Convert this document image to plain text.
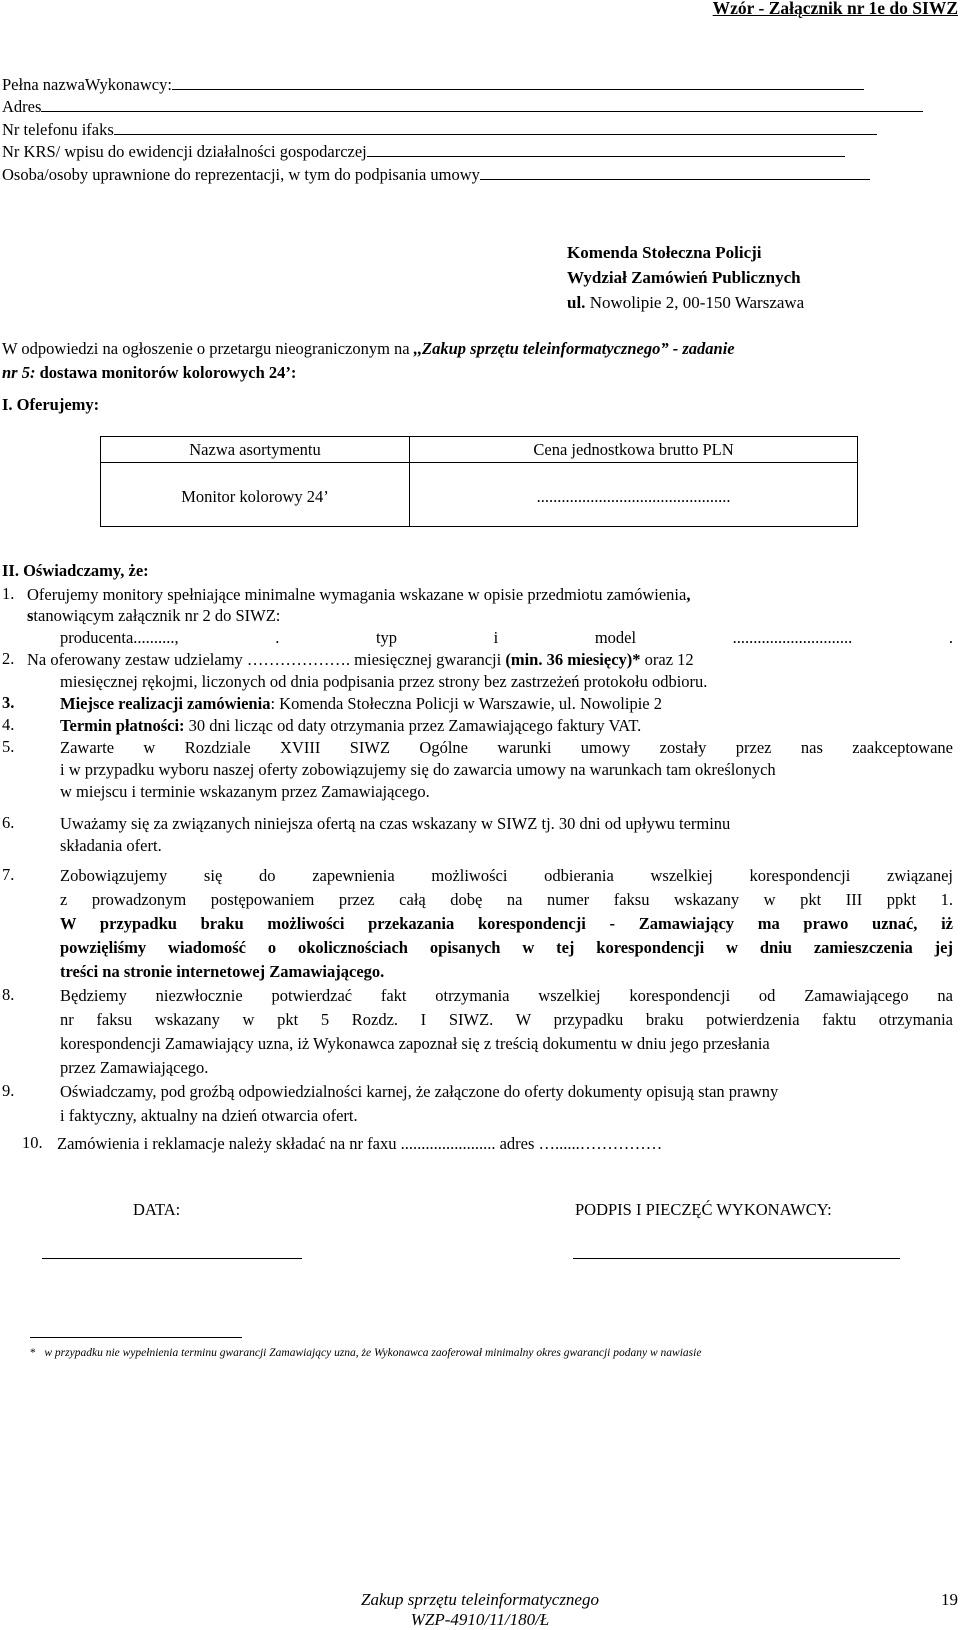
Wzór - Załącznik nr 1e do SIWZ
Pełna nazwaWykonawcy:
Adres
Nr telefonu ifaks
Nr KRS/ wpisu do ewidencji działalności gospodarczej
Osoba/osoby uprawnione do reprezentacji, w tym do podpisania umowy
Komenda Stołeczna Policji
Wydział Zamówień Publicznych
ul. Nowolipie 2, 00-150 Warszawa
W odpowiedzi na ogłoszenie o przetargu nieograniczonym na ,,Zakup sprzętu teleinformatycznego” - zadanie
nr 5: dostawa monitorów kolorowych 24’:
I. Oferujemy:
Nazwa asortymentu	Cena jednostkowa brutto PLN
Monitor kolorowy 24’	...............................................
II. Oświadczamy, że:
1. Oferujemy monitory spełniające minimalne wymagania wskazane w opisie przedmiotu zamówienia,
stanowiącym załącznik nr 2 do SIWZ:
producenta.........., . typ i model ............................. .
2. Na oferowany zestaw udzielamy ………………. miesięcznej gwarancji (min. 36 miesięcy)* oraz 12
miesięcznej rękojmi, liczonych od dnia podpisania przez strony bez zastrzeżeń protokołu odbioru.
3.	Miejsce realizacji zamówienia: Komenda Stołeczna Policji w Warszawie, ul. Nowolipie 2
4.	Termin płatności: 30 dni licząc od daty otrzymania przez Zamawiającego faktury VAT.
5.	Zawarte w Rozdziale XVIII SIWZ Ogólne warunki umowy zostały przez nas zaakceptowane
i w przypadku wyboru naszej oferty zobowiązujemy się do zawarcia umowy na warunkach tam określonych
w miejscu i terminie wskazanym przez Zamawiającego.
6.	Uważamy się za związanych niniejsza ofertą na czas wskazany w SIWZ tj. 30 dni od upływu terminu
składania ofert.
7.	Zobowiązujemy się do zapewnienia możliwości odbierania wszelkiej korespondencji związanej
z prowadzonym postępowaniem przez całą dobę na numer faksu wskazany w pkt III ppkt 1.
W przypadku braku możliwości przekazania korespondencji - Zamawiający ma prawo uznać, iż
powzięliśmy wiadomość o okolicznościach opisanych w tej korespondencji w dniu zamieszczenia jej
treści na stronie internetowej Zamawiającego.
8.	Będziemy niezwłocznie potwierdzać fakt otrzymania wszelkiej korespondencji od Zamawiającego na
nr faksu wskazany w pkt 5 Rozdz. I SIWZ. W przypadku braku potwierdzenia faktu otrzymania
korespondencji Zamawiający uzna, iż Wykonawca zapoznał się z treścią dokumentu w dniu jego przesłania
przez Zamawiającego.
9.	Oświadczamy, pod groźbą odpowiedzialności karnej, że załączone do oferty dokumenty opisują stan prawny
i faktyczny, aktualny na dzień otwarcia ofert.
10. Zamówienia i reklamacje należy składać na nr faxu ....................... adres …......……………
DATA:	PODPIS I PIECZĘĆ WYKONAWCY:
* w przypadku nie wypełnienia terminu gwarancji Zamawiający uzna, że Wykonawca zaoferował minimalny okres gwarancji podany w nawiasie
Zakup sprzętu teleinformatycznego
WZP-4910/11/180/Ł
19
